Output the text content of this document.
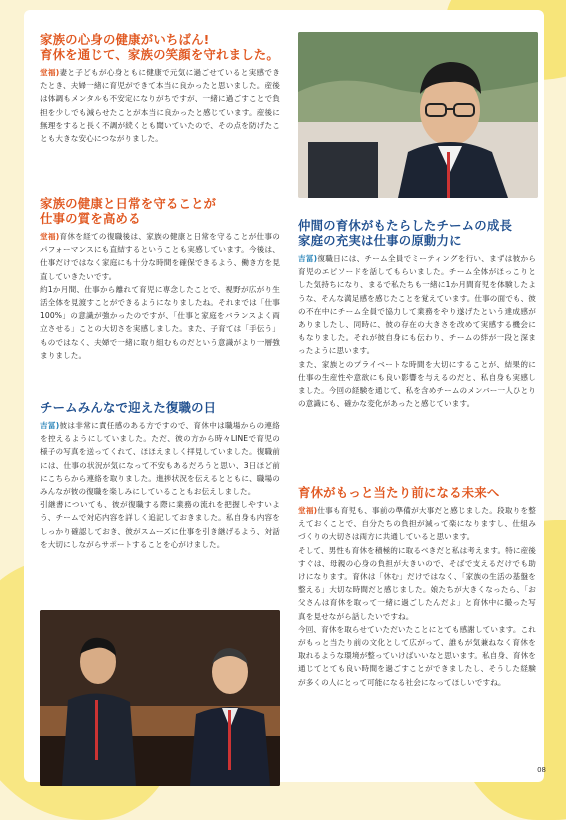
家族の心身の健康がいちばん!
育休を通じて、家族の笑顔を守れました。

堂福)妻と子どもが心身ともに健康で元気に過ごせていると実感できたとき、夫婦一緒に育児ができて本当に良かったと思いました。産後は体調もメンタルも不安定になりがちですが、一緒に過ごすことで負担を少しでも減らせたことが本当に良かったと感じています。産後に無理をすると長く不調が続くとも聞いていたので、その点を防げたことも大きな安心につながりました。

家族の健康と日常を守ることが
仕事の質を高める

堂福)育休を経ての復職後は、家族の健康と日常を守ることが仕事のパフォーマンスにも直結するということも実感しています。今後は、仕事だけではなく家庭にも十分な時間を確保できるよう、働き方を見直していきたいです。

約1か月間、仕事から離れて育児に専念したことで、視野が広がり生活全体を見渡すことができるようになりましたね。それまでは「仕事100%」の意識が強かったのですが、「仕事と家庭をバランスよく両立させる」ことの大切さを実感しました。また、子育ては「手伝う」ものではなく、夫婦で一緒に取り組むものだという意識がより一層強まりました。

チームみんなで迎えた復職の日

吉冨)彼は非常に責任感のある方ですので、育休中は職場からの連絡を控えるようにしていました。ただ、彼の方から時々LINEで育児の様子の写真を送ってくれて、ほほえましく拝見していました。復職前には、仕事の状況が気になって不安もあるだろうと思い、3日ほど前にこちらから連絡を取りました。進捗状況を伝えるとともに、職場のみんなが彼の復職を楽しみにしていることもお伝えしました。

引継書についても、彼が復職する際に業務の流れを把握しやすいよう、チームで対応内容を詳しく追記しておきました。私自身も内容をしっかり確認しておき、彼がスムーズに仕事を引き継げるよう、対話を大切にしながらサポートすることを心がけました。

仲間の育休がもたらしたチームの成長
家庭の充実は仕事の原動力に

吉冨)復職日には、チーム全員でミーティングを行い、まずは彼から育児のエピソードを話してもらいました。チーム全体がほっこりとした気持ちになり、まるで私たちも一緒に1か月間育児を体験したような、そんな満足感を感じたことを覚えています。仕事の面でも、彼の不在中にチーム全員で協力して業務をやり遂げたという達成感がありましたし、同時に、彼の存在の大きさを改めて実感する機会にもなりました。それが彼自身にも伝わり、チームの絆が一段と深まったように思います。

また、家族とのプライベートな時間を大切にすることが、結果的に仕事の生産性や意欲にも良い影響を与えるのだと、私自身も実感しました。今回の経験を通じて、私を含めチームのメンバー一人ひとりの意識にも、確かな変化があったと感じています。

育休がもっと当たり前になる未来へ

堂福)仕事も育児も、事前の準備が大事だと感じました。段取りを整えておくことで、自分たちの負担が減って楽になりますし、仕組みづくりの大切さは両方に共通していると思います。

そして、男性も育休を積極的に取るべきだと私は考えます。特に産後すぐは、母親の心身の負担が大きいので、そばで支えるだけでも助けになります。育休は「休む」だけではなく、「家族の生活の基盤を整える」大切な時間だと感じました。娘たちが大きくなったら、「お父さんは育休を取って一緒に過ごしたんだよ」と育休中に撮った写真を見せながら話したいですね。

今回、育休を取らせていただいたことにとても感謝しています。これがもっと当たり前の文化として広がって、誰もが気兼ねなく育休を取れるような環境が整っていけばいいなと思います。私自身、育休を通じてとても良い時間を過ごすことができましたし、そうした経験が多くの人にとって可能になる社会になってほしいですね。

08
